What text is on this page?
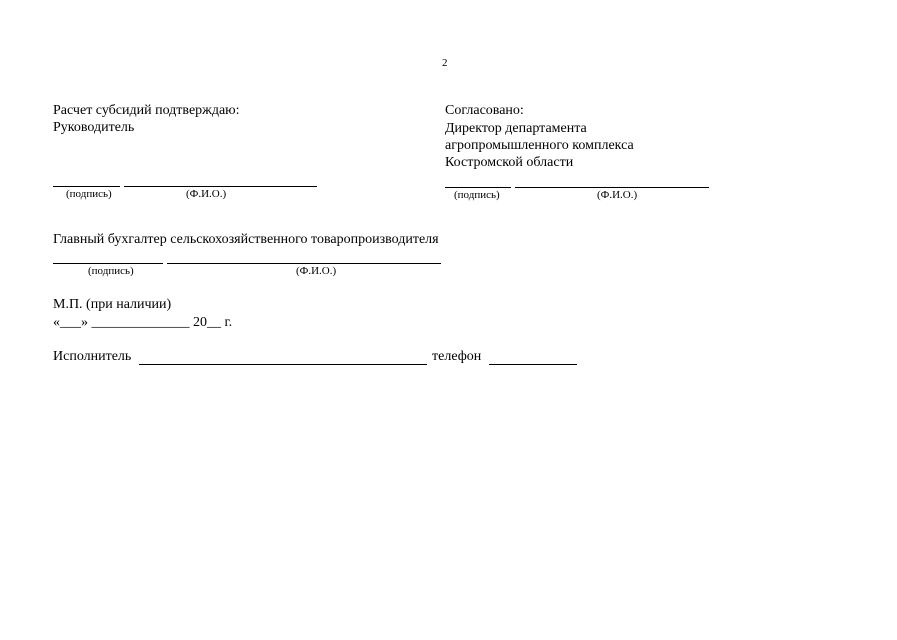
2
Расчет субсидий подтверждаю:
Руководитель
(подпись)	(Ф.И.О.)
Согласовано:
Директор департамента
агропромышленного комплекса
Костромской области
(подпись)	(Ф.И.О.)
Главный бухгалтер сельскохозяйственного товаропроизводителя
(подпись)	(Ф.И.О.)
М.П. (при наличии)
«___» ______________ 20__ г.
Исполнитель	телефон
